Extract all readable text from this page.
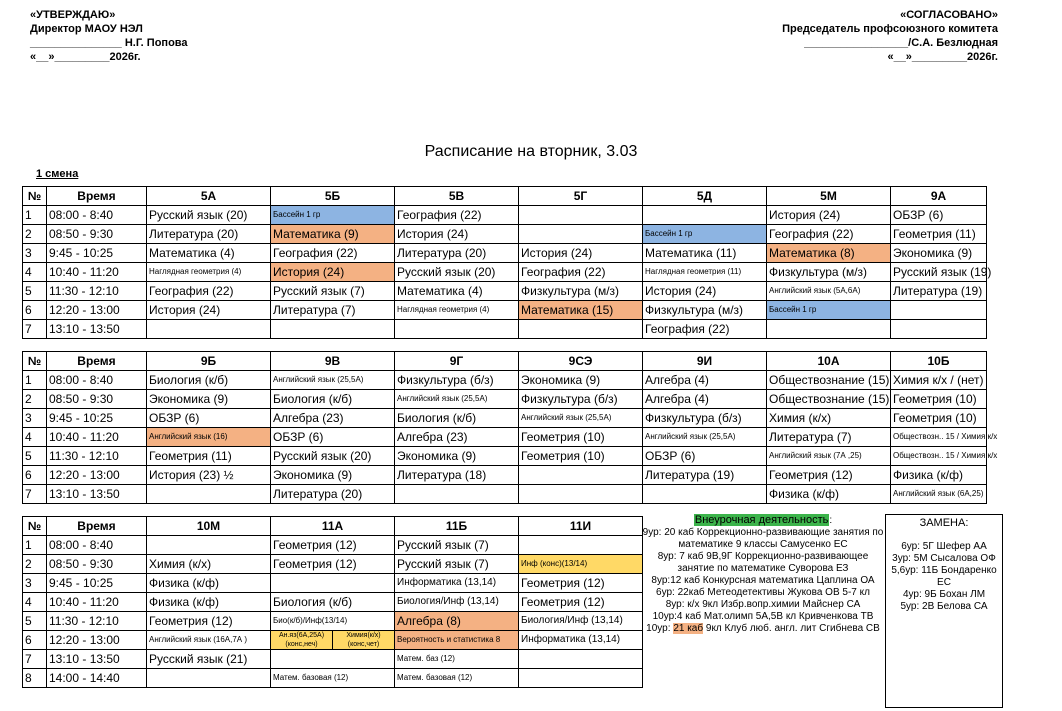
«УТВЕРЖДАЮ»
Директор МАОУ НЭЛ
_______________ Н.Г. Попова
«__»_________2026г.
«СОГЛАСОВАНО»
Председатель профсоюзного комитета
_________________/С.А. Безлюдная
«__»_________2026г.
Расписание на вторник, 3.03
1 смена
№	Время	5А	5Б	5В	5Г	5Д	5М	9А
1	08:00 - 8:40	Русский язык (20)	Бассейн 1 гр	География (22)			История (24)	ОБЗР (6)
2	08:50 - 9:30	Литература (20)	Математика (9)	История (24)		Бассейн 1 гр	География (22)	Геометрия (11)
3	9:45 - 10:25	Математика (4)	География (22)	Литература (20)	История (24)	Математика (11)	Математика (8)	Экономика (9)
4	10:40 - 11:20	Наглядная геометрия (4)	История (24)	Русский язык (20)	География (22)	Наглядная геометрия (11)	Физкультура (м/з)	Русский язык (19)
5	11:30 - 12:10	География (22)	Русский язык (7)	Математика (4)	Физкультура (м/з)	История (24)	Английский язык (5А,6А)	Литература (19)
6	12:20 - 13:00	История (24)	Литература (7)	Наглядная геометрия (4)	Математика (15)	Физкультура (м/з)	Бассейн 1 гр	
7	13:10 - 13:50					География (22)		
№	Время	9Б	9В	9Г	9СЭ	9И	10А	10Б
1	08:00 - 8:40	Биология (к/б)	Английский язык (25,5А)	Физкультура (б/з)	Экономика (9)	Алгебра (4)	Обществознание (15)	Химия к/х / (нет)
2	08:50 - 9:30	Экономика (9)	Биология (к/б)	Английский язык (25,5А)	Физкультура (б/з)	Алгебра (4)	Обществознание (15)	Геометрия (10)
3	9:45 - 10:25	ОБЗР (6)	Алгебра (23)	Биология (к/б)	Английский язык (25,5А)	Физкультура (б/з)	Химия (к/х)	Геометрия (10)
4	10:40 - 11:20	Английский язык (16)	ОБЗР (6)	Алгебра (23)	Геометрия (10)	Английский язык (25,5А)	Литература (7)	Обществозн.. 15 / Химия к/х
5	11:30 - 12:10	Геометрия (11)	Русский язык (20)	Экономика (9)	Геометрия (10)	ОБЗР (6)	Английский язык (7А ,25)	Обществозн.. 15 / Химия к/х
6	12:20 - 13:00	История (23) ½	Экономика (9)	Литература (18)		Литература (19)	Геометрия (12)	Физика (к/ф)
7	13:10 - 13:50		Литература (20)				Физика (к/ф)	Английский язык (6А,25)
№	Время	10М	11А	11Б	11И
1	08:00 - 8:40		Геометрия (12)	Русский язык (7)	
2	08:50 - 9:30	Химия (к/х)	Геометрия (12)	Русский язык (7)	Инф (конс)(13/14)
3	9:45 - 10:25	Физика (к/ф)		Информатика (13,14)	Геометрия (12)
4	10:40 - 11:20	Физика (к/ф)	Биология (к/б)	Биология/Инф (13,14)	Геометрия (12)
5	11:30 - 12:10	Геометрия (12)	Био(к/б)/Инф(13/14)	Алгебра (8)	Биология/Инф (13,14)
6	12:20 - 13:00	Английский язык (16А,7А )	Ан.яз(6А,25А)
(конс,неч)
Химия(к/х)
(конс,чет)	Вероятность и статистика 8	Информатика (13,14)
7	13:10 - 13:50	Русский язык (21)		Матем. баз (12)	
8	14:00 - 14:40		Матем. базовая (12)	Матем. базовая (12)	
Внеурочная деятельность:
9ур: 20 каб Коррекционно-развивающие занятия по математике 9 классы Самусенко ЕС
8ур: 7 каб 9В,9Г Коррекционно-развивающее занятие по математике Суворова ЕЗ
8ур:12 каб Конкурсная математика Цаплина ОА
6ур: 22каб Метеодетективы Жукова ОВ 5-7 кл
8ур: к/х 9кл Избр.вопр.химии Майснер СА
10ур:4 каб Мат.олимп 5А,5В кл Кривченкова ТВ
10ур: 21 каб 9кл Клуб люб. англ. лит Сгибнева СВ
ЗАМЕНА:
6ур: 5Г Шефер АА
3ур: 5М Сысалова ОФ
5,6ур: 11Б Бондаренко ЕС
4ур: 9Б Бохан ЛМ
5ур: 2В Белова СА
